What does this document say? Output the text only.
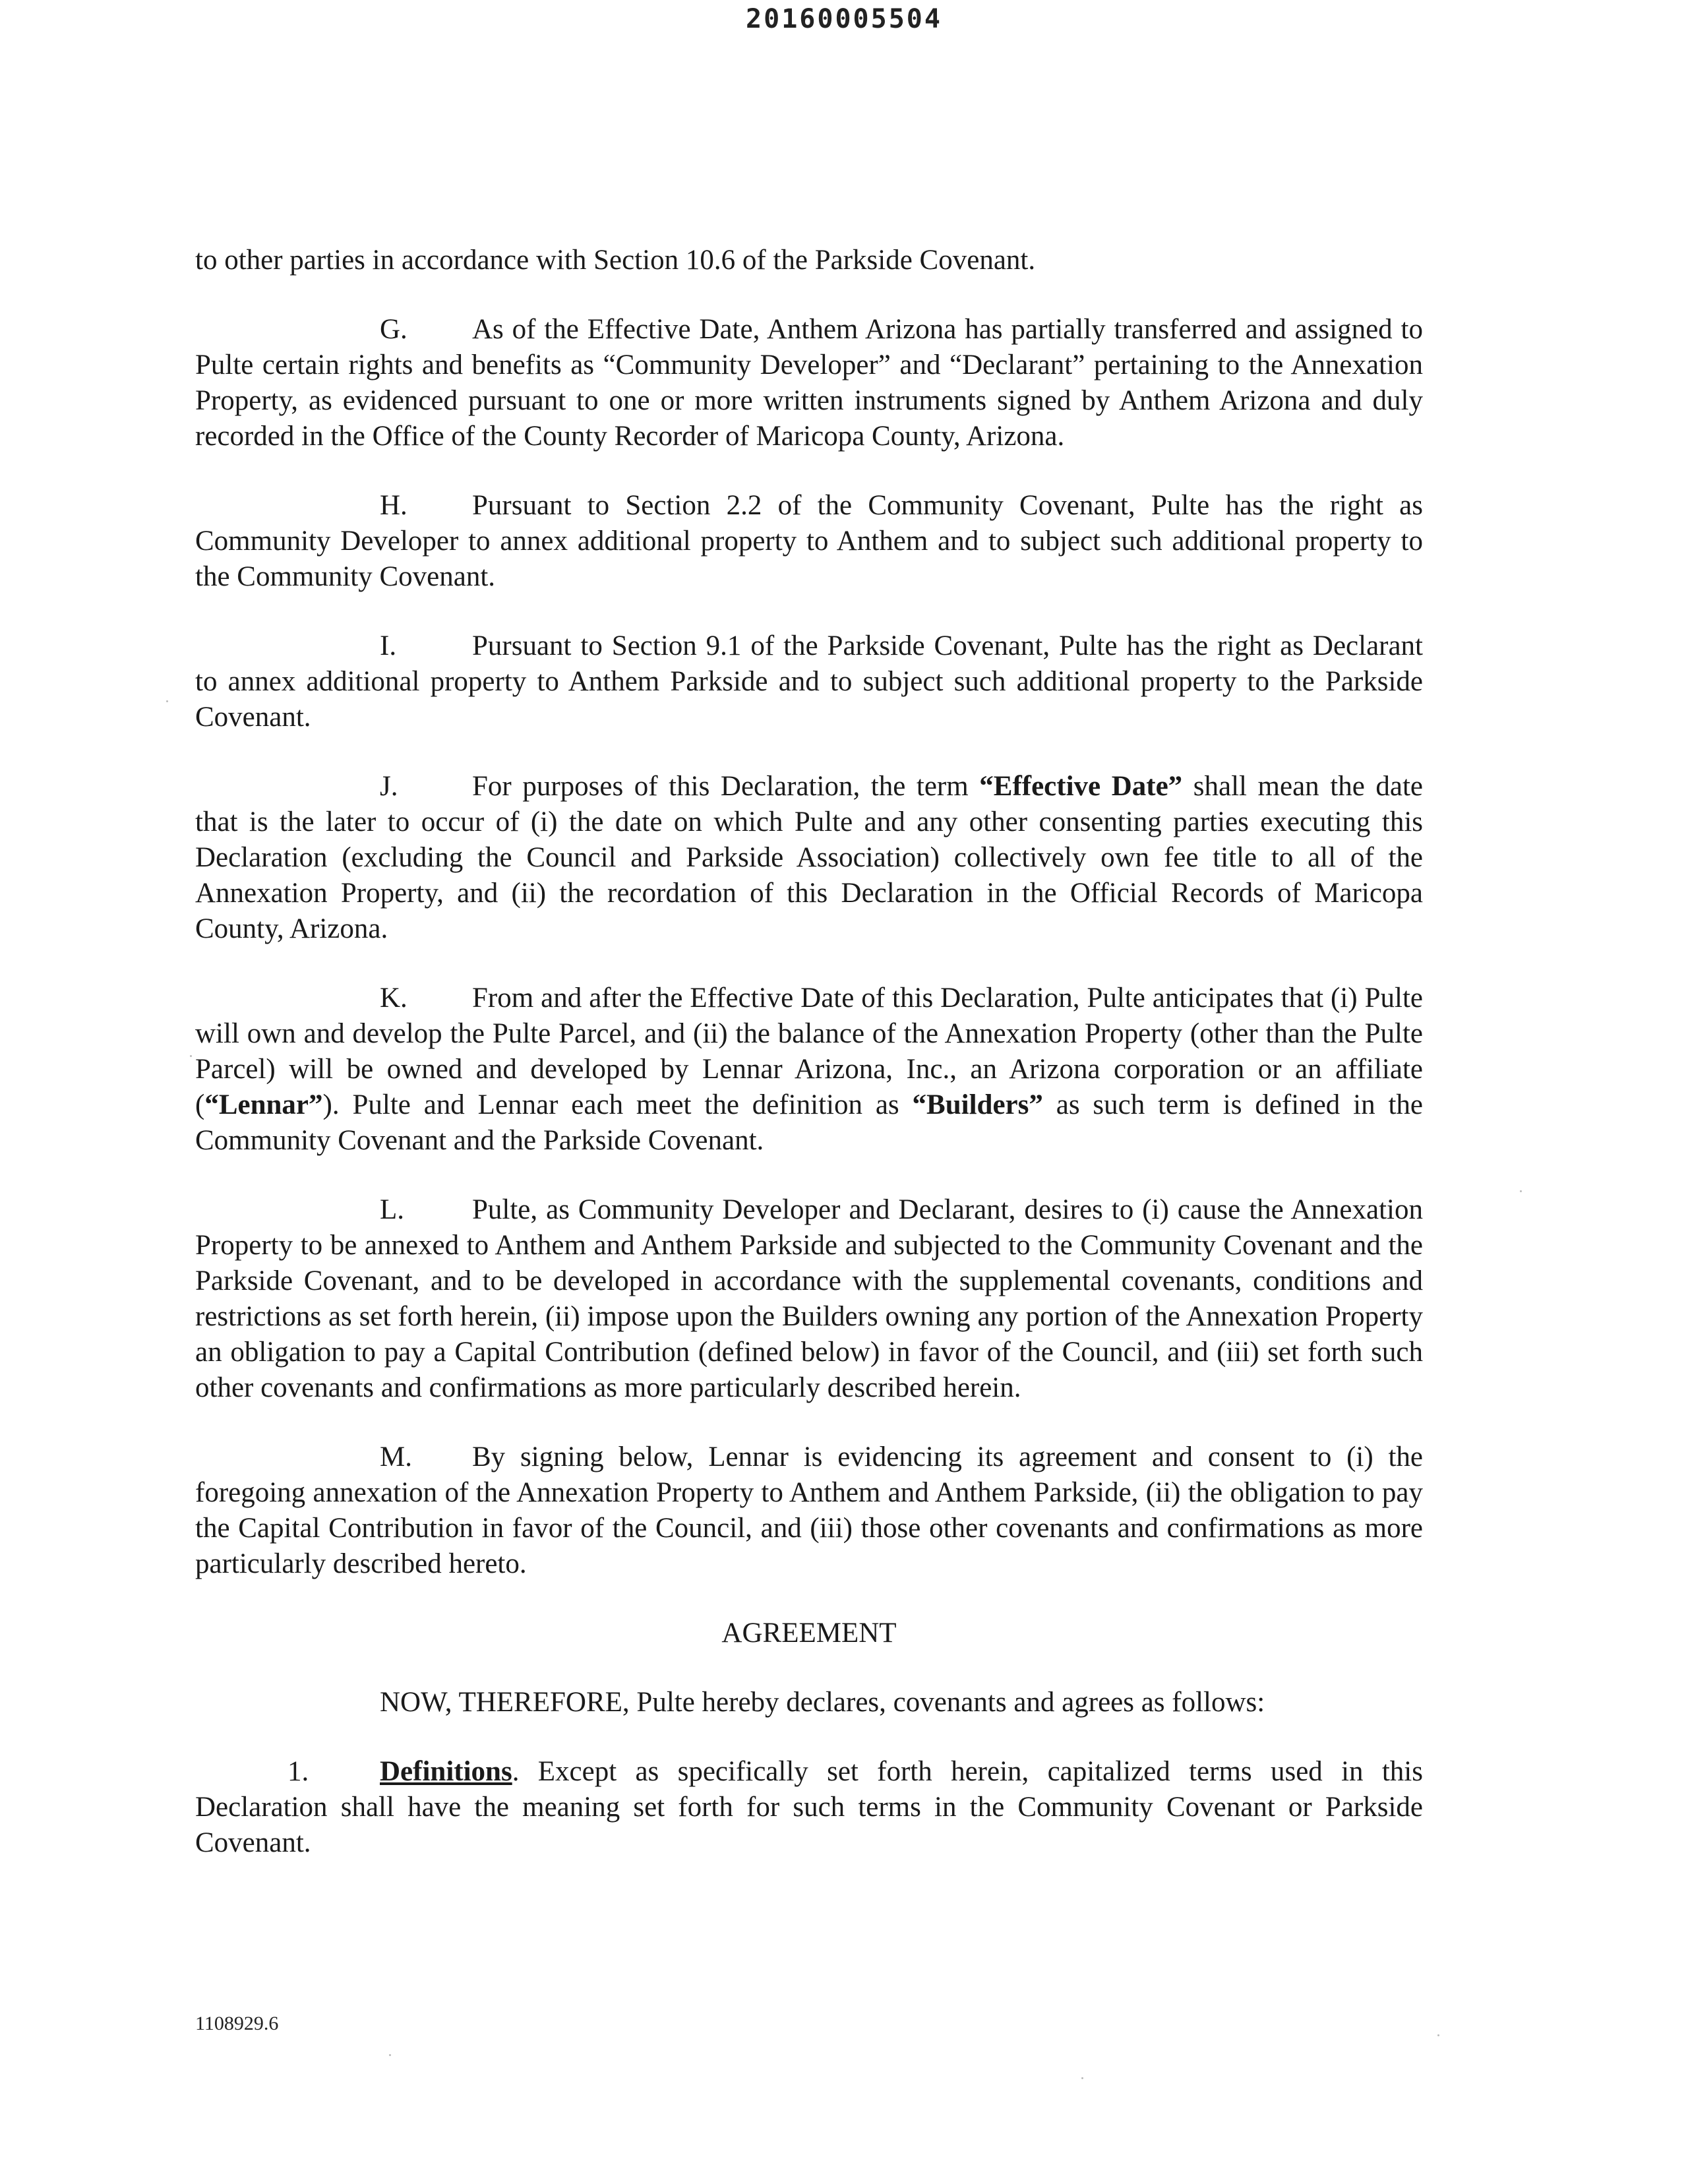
20160005504

to other parties in accordance with Section 10.6 of the Parkside Covenant.

G. As of the Effective Date, Anthem Arizona has partially transferred and assigned to Pulte certain rights and benefits as “Community Developer” and “Declarant” pertaining to the Annexation Property, as evidenced pursuant to one or more written instruments signed by Anthem Arizona and duly recorded in the Office of the County Recorder of Maricopa County, Arizona.

H. Pursuant to Section 2.2 of the Community Covenant, Pulte has the right as Community Developer to annex additional property to Anthem and to subject such additional property to the Community Covenant.

I.	Pursuant to Section 9.1 of the Parkside Covenant, Pulte has the right as Declarant to annex additional property to Anthem Parkside and to subject such additional property to the Parkside Covenant.

J.	For purposes of this Declaration, the term “Effective Date” shall mean the date that is the later to occur of (i) the date on which Pulte and any other consenting parties executing this Declaration (excluding the Council and Parkside Association) collectively own fee title to all of the Annexation Property, and (ii) the recordation of this Declaration in the Official Records of Maricopa County, Arizona.

K. From and after the Effective Date of this Declaration, Pulte anticipates that (i) Pulte will own and develop the Pulte Parcel, and (ii) the balance of the Annexation Property (other than the Pulte Parcel) will be owned and developed by Lennar Arizona, Inc., an Arizona corporation or an affiliate (“Lennar”). Pulte and Lennar each meet the definition as “Builders” as such term is defined in the Community Covenant and the Parkside Covenant.

L. Pulte, as Community Developer and Declarant, desires to (i) cause the Annexation Property to be annexed to Anthem and Anthem Parkside and subjected to the Community Covenant and the Parkside Covenant, and to be developed in accordance with the supplemental covenants, conditions and restrictions as set forth herein, (ii) impose upon the Builders owning any portion of the Annexation Property an obligation to pay a Capital Contribution (defined below) in favor of the Council, and (iii) set forth such other covenants and confirmations as more particularly described herein.

M. By signing below, Lennar is evidencing its agreement and consent to (i) the foregoing annexation of the Annexation Property to Anthem and Anthem Parkside, (ii) the obligation to pay the Capital Contribution in favor of the Council, and (iii) those other covenants and confirmations as more particularly described hereto.

AGREEMENT

NOW, THEREFORE, Pulte hereby declares, covenants and agrees as follows:

1.	Definitions. Except as specifically set forth herein, capitalized terms used in this Declaration shall have the meaning set forth for such terms in the Community Covenant or Parkside Covenant.

1108929.6
